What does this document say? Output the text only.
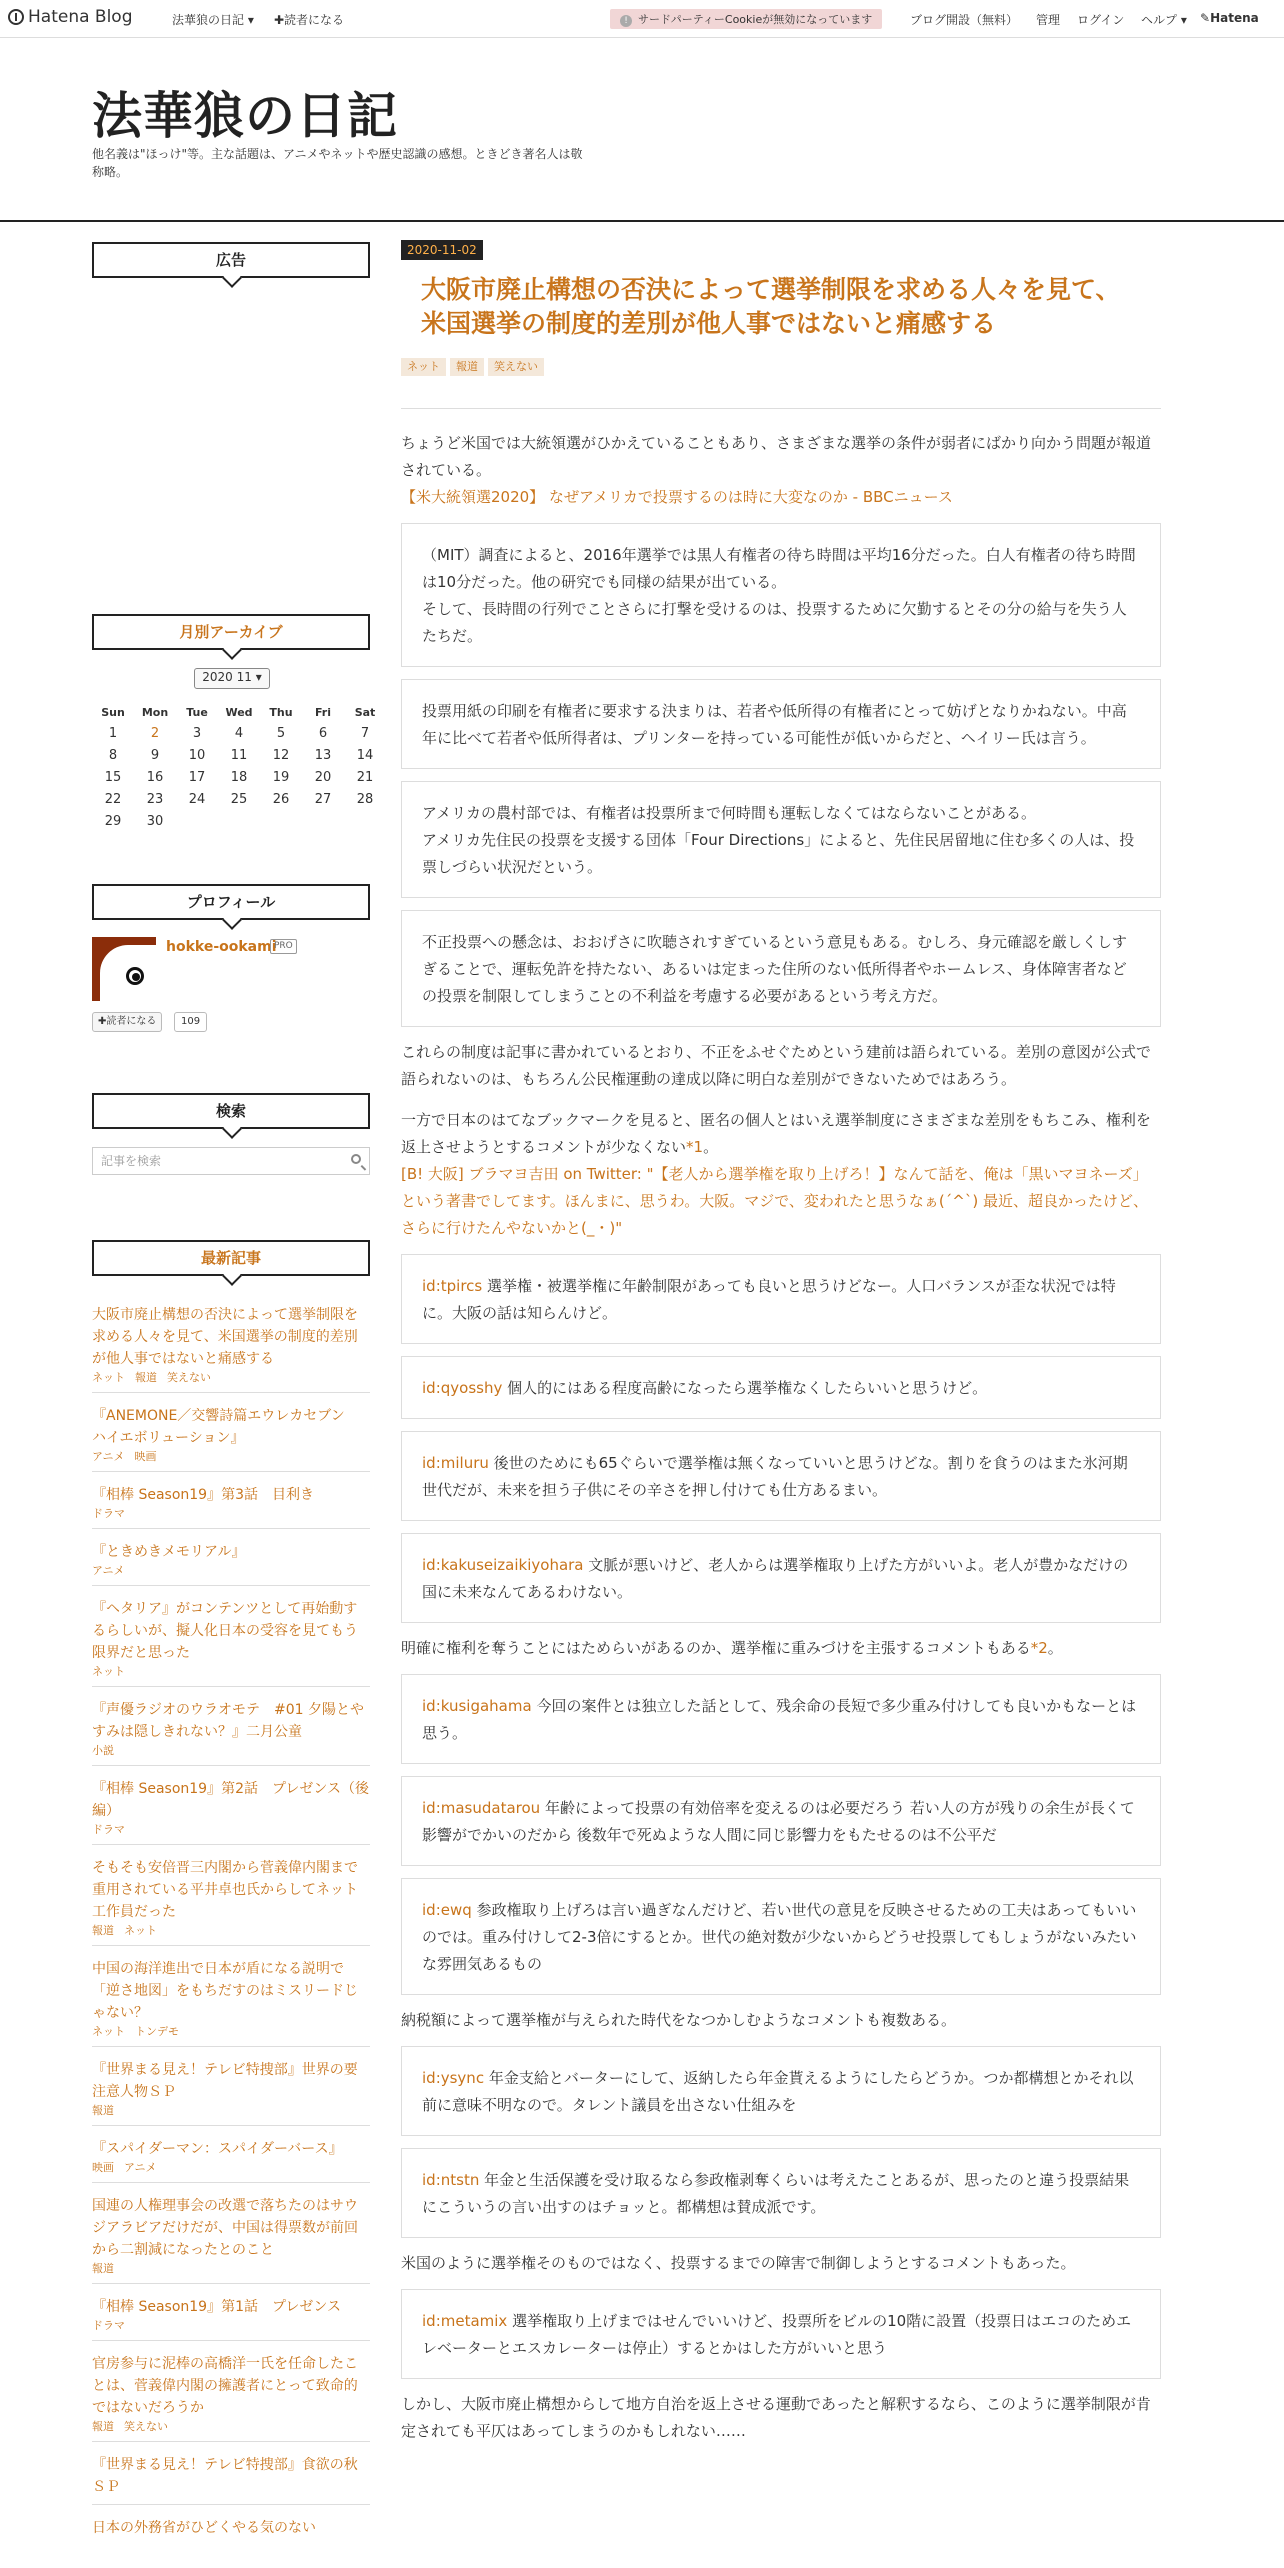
Hatena Blog	法華狼の日記 ▾ ✚読者になる	! サードパーティーCookieが無効になっています	ブログ開設（無料） 管理 ログイン ヘルプ ▾ ✎Hatena
法華狼の日記
他名義は"ほっけ"等。主な話題は、アニメやネットや歴史認識の感想。ときどき著名人は敬称略。
広告
月別アーカイブ
2020 11 ▾
Sun	Mon	Tue	Wed	Thu	Fri	Sat
1	2	3	4	5	6	7
8	9	10	11	12	13	14
15	16	17	18	19	20	21
22	23	24	25	26	27	28
29	30					
プロフィール
hokke-ookami
PRO
✚読者になる	109
検索
記事を検索
最新記事
大阪市廃止構想の否決によって選挙制限を求める人々を見て、米国選挙の制度的差別が他人事ではないと痛感する
ネット 報道 笑えない
『ANEMONE／交響詩篇エウレカセブン　ハイエボリューション』
アニメ 映画
『相棒 Season19』第3話　目利き
ドラマ
『ときめきメモリアル』
アニメ
『ヘタリア』がコンテンツとして再始動するらしいが、擬人化日本の受容を見てもう限界だと思った
ネット
『声優ラジオのウラオモテ　#01 夕陽とやすみは隠しきれない？』二月公童
小説
『相棒 Season19』第2話　プレゼンス（後編）
ドラマ
そもそも安倍晋三内閣から菅義偉内閣まで重用されている平井卓也氏からしてネット工作員だった
報道 ネット
中国の海洋進出で日本が盾になる説明で「逆さ地図」をもちだすのはミスリードじゃない？
ネット トンデモ
『世界まる見え！テレビ特捜部』世界の要注意人物ＳＰ
報道
『スパイダーマン：スパイダーバース』
映画 アニメ
国連の人権理事会の改選で落ちたのはサウジアラビアだけだが、中国は得票数が前回から二割減になったとのこと
報道
『相棒 Season19』第1話　プレゼンス
ドラマ
官房参与に泥棒の高橋洋一氏を任命したことは、菅義偉内閣の擁護者にとって致命的ではないだろうか
報道 笑えない
『世界まる見え！テレビ特捜部』食欲の秋ＳＰ
日本の外務省がひどくやる気のない
2020-11-02
大阪市廃止構想の否決によって選挙制限を求める人々を見て、米国選挙の制度的差別が他人事ではないと痛感する
ネット 報道 笑えない

ちょうど米国では大統領選がひかえていることもあり、さまざまな選挙の条件が弱者にばかり向かう問題が報道されている。

【米大統領選2020】 なぜアメリカで投票するのは時に大変なのか - BBCニュース

（MIT）調査によると、2016年選挙では黒人有権者の待ち時間は平均16分だった。白人有権者の待ち時間は10分だった。他の研究でも同様の結果が出ている。
そして、長時間の行列でことさらに打撃を受けるのは、投票するために欠勤するとその分の給与を失う人たちだ。
投票用紙の印刷を有権者に要求する決まりは、若者や低所得の有権者にとって妨げとなりかねない。中高年に比べて若者や低所得者は、プリンターを持っている可能性が低いからだと、ヘイリー氏は言う。
アメリカの農村部では、有権者は投票所まで何時間も運転しなくてはならないことがある。
アメリカ先住民の投票を支援する団体「Four Directions」によると、先住民居留地に住む多くの人は、投票しづらい状況だという。
不正投票への懸念は、おおげさに吹聴されすぎているという意見もある。むしろ、身元確認を厳しくしすぎることで、運転免許を持たない、あるいは定まった住所のない低所得者やホームレス、身体障害者などの投票を制限してしまうことの不利益を考慮する必要があるという考え方だ。

これらの制度は記事に書かれているとおり、不正をふせぐためという建前は語られている。差別の意図が公式で語られないのは、もちろん公民権運動の達成以降に明白な差別ができないためではあろう。

一方で日本のはてなブックマークを見ると、匿名の個人とはいえ選挙制度にさまざまな差別をもちこみ、権利を返上させようとするコメントが少なくない*1。

[B! 大阪] ブラマヨ吉田 on Twitter: "【老人から選挙権を取り上げろ！】なんて話を、俺は「黒いマヨネーズ」という著書でしてます。ほんまに、思うわ。大阪。マジで、変われたと思うなぁ(´^`) 最近、超良かったけど、さらに行けたんやないかと(_・)"

id:tpircs 選挙権・被選挙権に年齢制限があっても良いと思うけどなー。人口バランスが歪な状況では特に。大阪の話は知らんけど。
id:qyosshy 個人的にはある程度高齢になったら選挙権なくしたらいいと思うけど。
id:miluru 後世のためにも65ぐらいで選挙権は無くなっていいと思うけどな。割りを食うのはまた氷河期世代だが、未来を担う子供にその辛さを押し付けても仕方あるまい。
id:kakuseizaikiyohara 文脈が悪いけど、老人からは選挙権取り上げた方がいいよ。老人が豊かなだけの国に未来なんてあるわけない。

明確に権利を奪うことにはためらいがあるのか、選挙権に重みづけを主張するコメントもある*2。

id:kusigahama 今回の案件とは独立した話として、残余命の長短で多少重み付けしても良いかもなーとは思う。
id:masudatarou 年齢によって投票の有効倍率を変えるのは必要だろう 若い人の方が残りの余生が長くて影響がでかいのだから 後数年で死ぬような人間に同じ影響力をもたせるのは不公平だ
id:ewq 参政権取り上げろは言い過ぎなんだけど、若い世代の意見を反映させるための工夫はあってもいいのでは。重み付けして2-3倍にするとか。世代の絶対数が少ないからどうせ投票してもしょうがないみたいな雰囲気あるもの

納税額によって選挙権が与えられた時代をなつかしむようなコメントも複数ある。

id:ysync 年金支給とバーターにして、返納したら年金貰えるようにしたらどうか。つか都構想とかそれ以前に意味不明なので。タレント議員を出さない仕組みを
id:ntstn 年金と生活保護を受け取るなら参政権剥奪くらいは考えたことあるが、思ったのと違う投票結果にこういうの言い出すのはチョッと。都構想は賛成派です。

米国のように選挙権そのものではなく、投票するまでの障害で制御しようとするコメントもあった。

id:metamix 選挙権取り上げまではせんでいいけど、投票所をビルの10階に設置（投票日はエコのためエレベーターとエスカレーターは停止）するとかはした方がいいと思う

しかし、大阪市廃止構想からして地方自治を返上させる運動であったと解釈するなら、このように選挙制限が肯定されても平仄はあってしまうのかもしれない……
